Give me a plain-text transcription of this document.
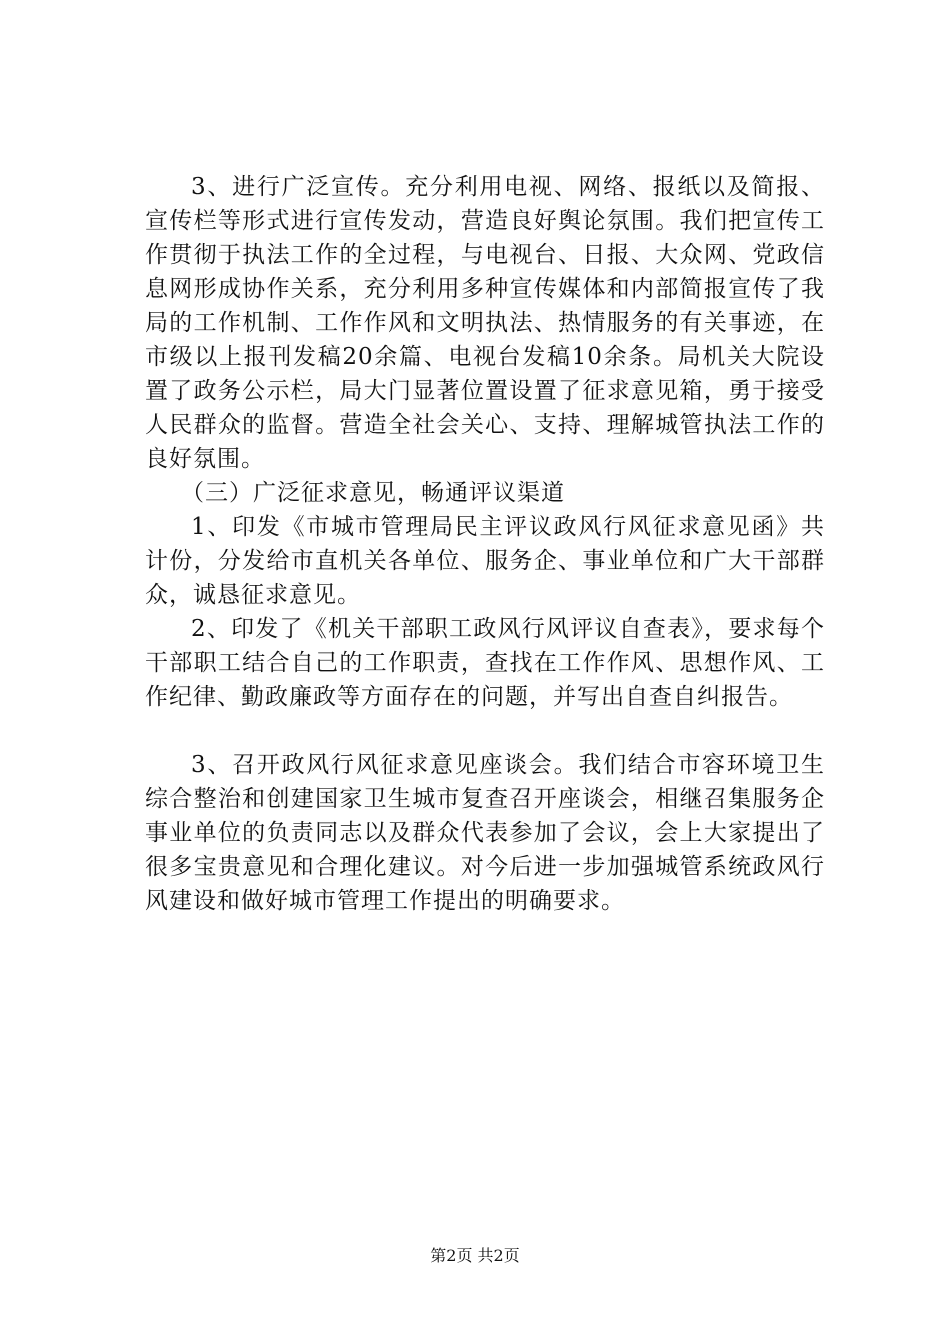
3、进行广泛宣传。充分利用电视、网络、报纸以及简报、宣传栏等形式进行宣传发动，营造良好舆论氛围。我们把宣传工作贯彻于执法工作的全过程，与电视台、日报、大众网、党政信息网形成协作关系，充分利用多种宣传媒体和内部简报宣传了我局的工作机制、工作作风和文明执法、热情服务的有关事迹，在市级以上报刊发稿20余篇、电视台发稿10余条。局机关大院设置了政务公示栏，局大门显著位置设置了征求意见箱，勇于接受人民群众的监督。营造全社会关心、支持、理解城管执法工作的良好氛围。

（三）广泛征求意见，畅通评议渠道

1、印发《市城市管理局民主评议政风行风征求意见函》共计份，分发给市直机关各单位、服务企、事业单位和广大干部群众，诚恳征求意见。

2、印发了《机关干部职工政风行风评议自查表》，要求每个干部职工结合自己的工作职责，查找在工作作风、思想作风、工作纪律、勤政廉政等方面存在的问题，并写出自查自纠报告。

3、召开政风行风征求意见座谈会。我们结合市容环境卫生综合整治和创建国家卫生城市复查召开座谈会，相继召集服务企事业单位的负责同志以及群众代表参加了会议，会上大家提出了很多宝贵意见和合理化建议。对今后进一步加强城管系统政风行风建设和做好城市管理工作提出的明确要求。

第2页 共2页
